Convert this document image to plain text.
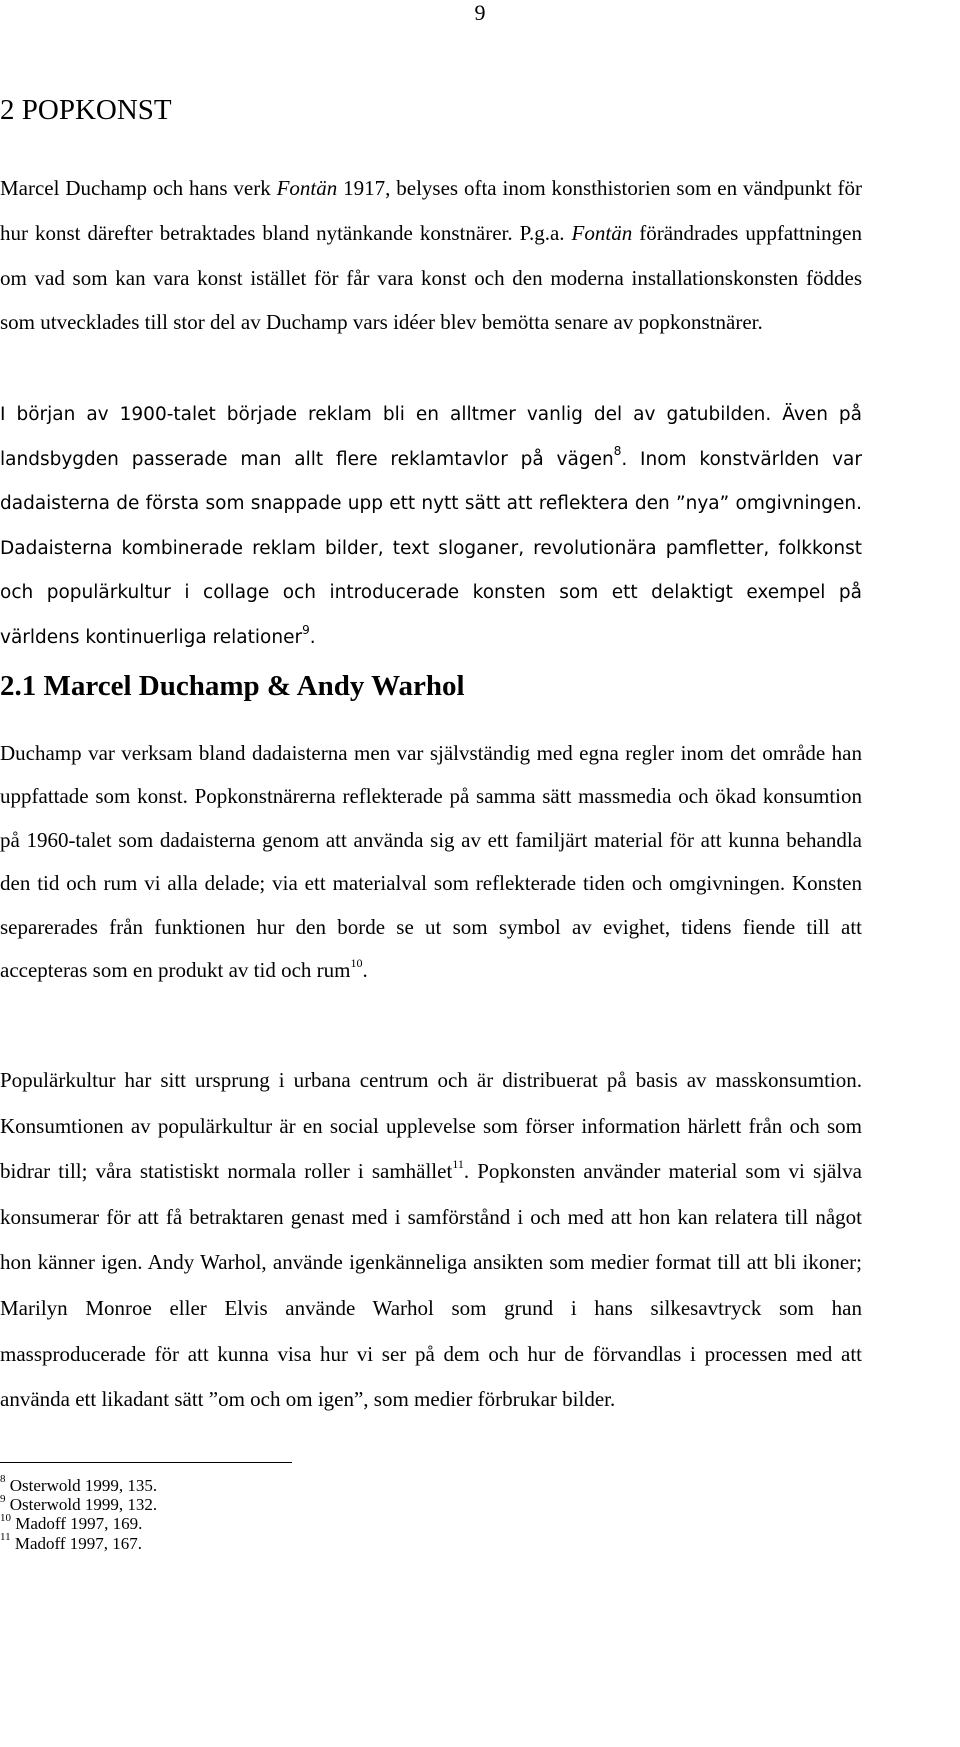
9
2 POPKONST

Marcel Duchamp och hans verk Fontän 1917, belyses ofta inom konsthistorien som en vändpunkt för hur konst därefter betraktades bland nytänkande konstnärer. P.g.a. Fontän förändrades uppfattningen om vad som kan vara konst istället för får vara konst och den moderna installationskonsten föddes som utvecklades till stor del av Duchamp vars idéer blev bemötta senare av popkonstnärer.

I början av 1900-talet började reklam bli en alltmer vanlig del av gatubilden. Även på landsbygden passerade man allt flere reklamtavlor på vägen$^8$. Inom konstvärlden var dadaisterna de första som snappade upp ett nytt sätt att reflektera den ”nya” omgivningen. Dadaisterna kombinerade reklam bilder, text sloganer, revolutionära pamfletter, folkkonst och populärkultur i collage och introducerade konsten som ett delaktigt exempel på världens kontinuerliga relationer$^9$.

2.1 Marcel Duchamp & Andy Warhol

Duchamp var verksam bland dadaisterna men var självständig med egna regler inom det område han uppfattade som konst. Popkonstnärerna reflekterade på samma sätt massmedia och ökad konsumtion på 1960-talet som dadaisterna genom att använda sig av ett familjärt material för att kunna behandla den tid och rum vi alla delade; via ett materialval som reflekterade tiden och omgivningen. Konsten separerades från funktionen hur den borde se ut som symbol av evighet, tidens fiende till att accepteras som en produkt av tid och rum$^{10}$.

Populärkultur har sitt ursprung i urbana centrum och är distribuerat på basis av masskonsumtion. Konsumtionen av populärkultur är en social upplevelse som förser information härlett från och som bidrar till; våra statistiskt normala roller i samhället$^{11}$. Popkonsten använder material som vi själva konsumerar för att få betraktaren genast med i samförstånd i och med att hon kan relatera till något hon känner igen. Andy Warhol, använde igenkänneliga ansikten som medier format till att bli ikoner; Marilyn Monroe eller Elvis använde Warhol som grund i hans silkesavtryck som han massproducerade för att kunna visa hur vi ser på dem och hur de förvandlas i processen med att använda ett likadant sätt ”om och om igen”, som medier förbrukar bilder.

$^8$ Osterwold 1999, 135.
$^9$ Osterwold 1999, 132.
$^{10}$ Madoff 1997, 169.
$^{11}$ Madoff 1997, 167.
